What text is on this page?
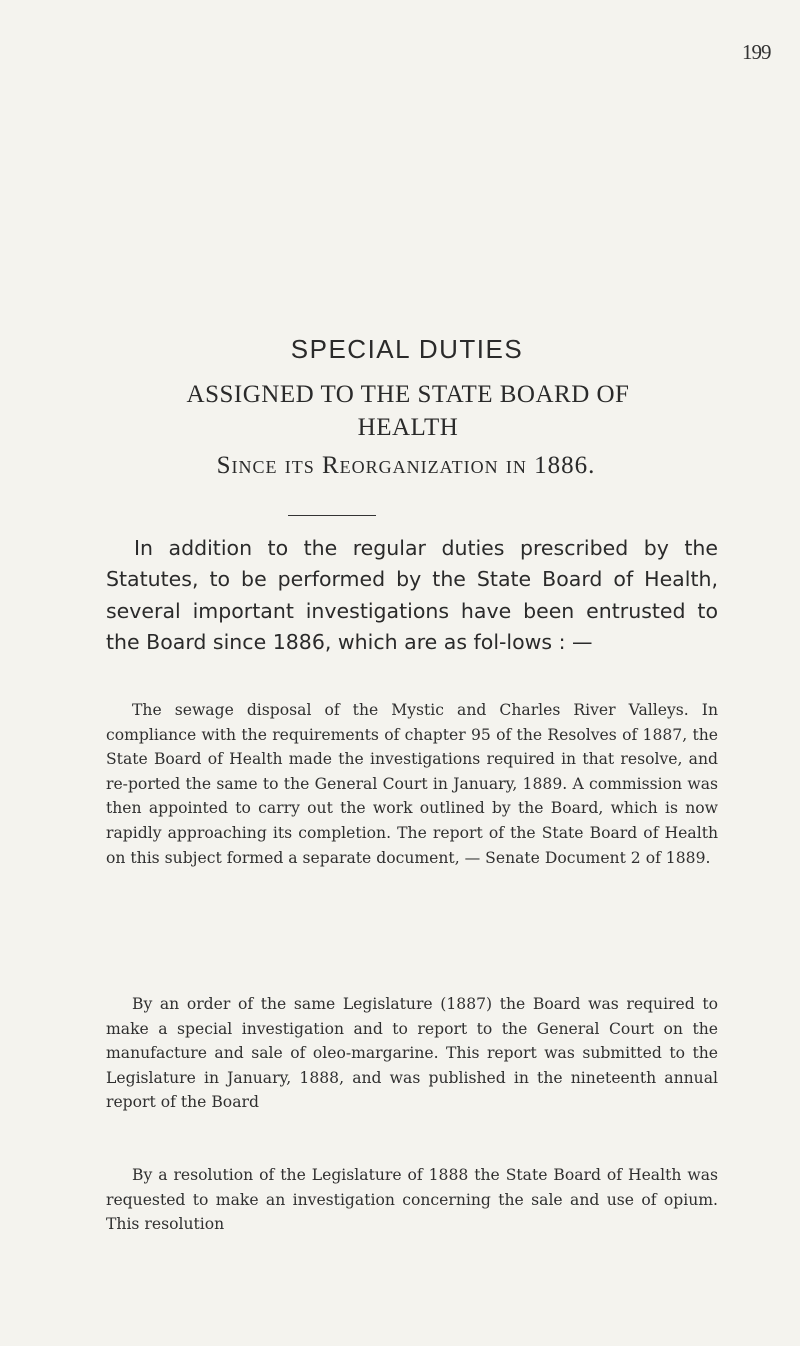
199
SPECIAL DUTIES
ASSIGNED TO THE STATE BOARD OF
HEALTH
Since its Reorganization in 1886.

In addition to the regular duties prescribed by the Statutes, to be performed by the State Board of Health, several important investigations have been entrusted to the Board since 1886, which are as fol-lows : —

The sewage disposal of the Mystic and Charles River Valleys. In compliance with the requirements of chapter 95 of the Resolves of 1887, the State Board of Health made the investigations required in that resolve, and re-ported the same to the General Court in January, 1889. A commission was then appointed to carry out the work outlined by the Board, which is now rapidly approaching its completion. The report of the State Board of Health on this subject formed a separate document, — Senate Document 2 of 1889.

By an order of the same Legislature (1887) the Board was required to make a special investigation and to report to the General Court on the manufacture and sale of oleo-margarine. This report was submitted to the Legislature in January, 1888, and was published in the nineteenth annual report of the Board

By a resolution of the Legislature of 1888 the State Board of Health was requested to make an investigation concerning the sale and use of opium. This resolution
